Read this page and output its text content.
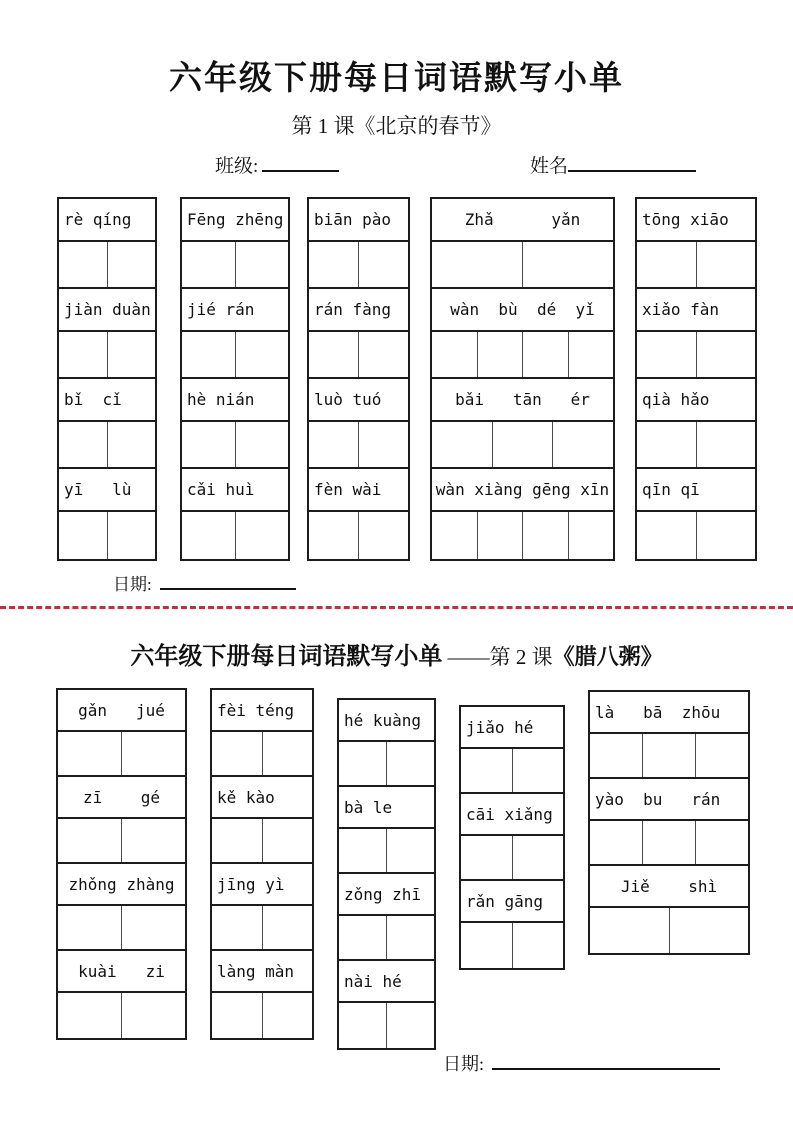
六年级下册每日词语默写小单
第 1 课《北京的春节》
班级:	姓名
rè qíng
jiàn duàn
bǐ  cǐ
yī   lù
Fēng zhēng
jié rán
hè nián
cǎi huì
biān pào
rán fàng
luò tuó
fèn wài
Zhǎ      yǎn
wàn  bù  dé  yǐ
bǎi   tān   ér
wàn xiàng gēng xīn
tōng xiāo
xiǎo fàn
qià hǎo
qīn qī
日期:
六年级下册每日词语默写小单 ——第 2 课《腊八粥》
gǎn   jué
zī    gé
zhǒng zhàng
kuài   zi
fèi téng
kě kào
jīng yì
làng màn
hé kuàng
bà le
zǒng zhī
nài hé
jiǎo hé
cāi xiǎng
rǎn gāng
là   bā  zhōu
yào  bu   rán
Jiě    shì
日期:
